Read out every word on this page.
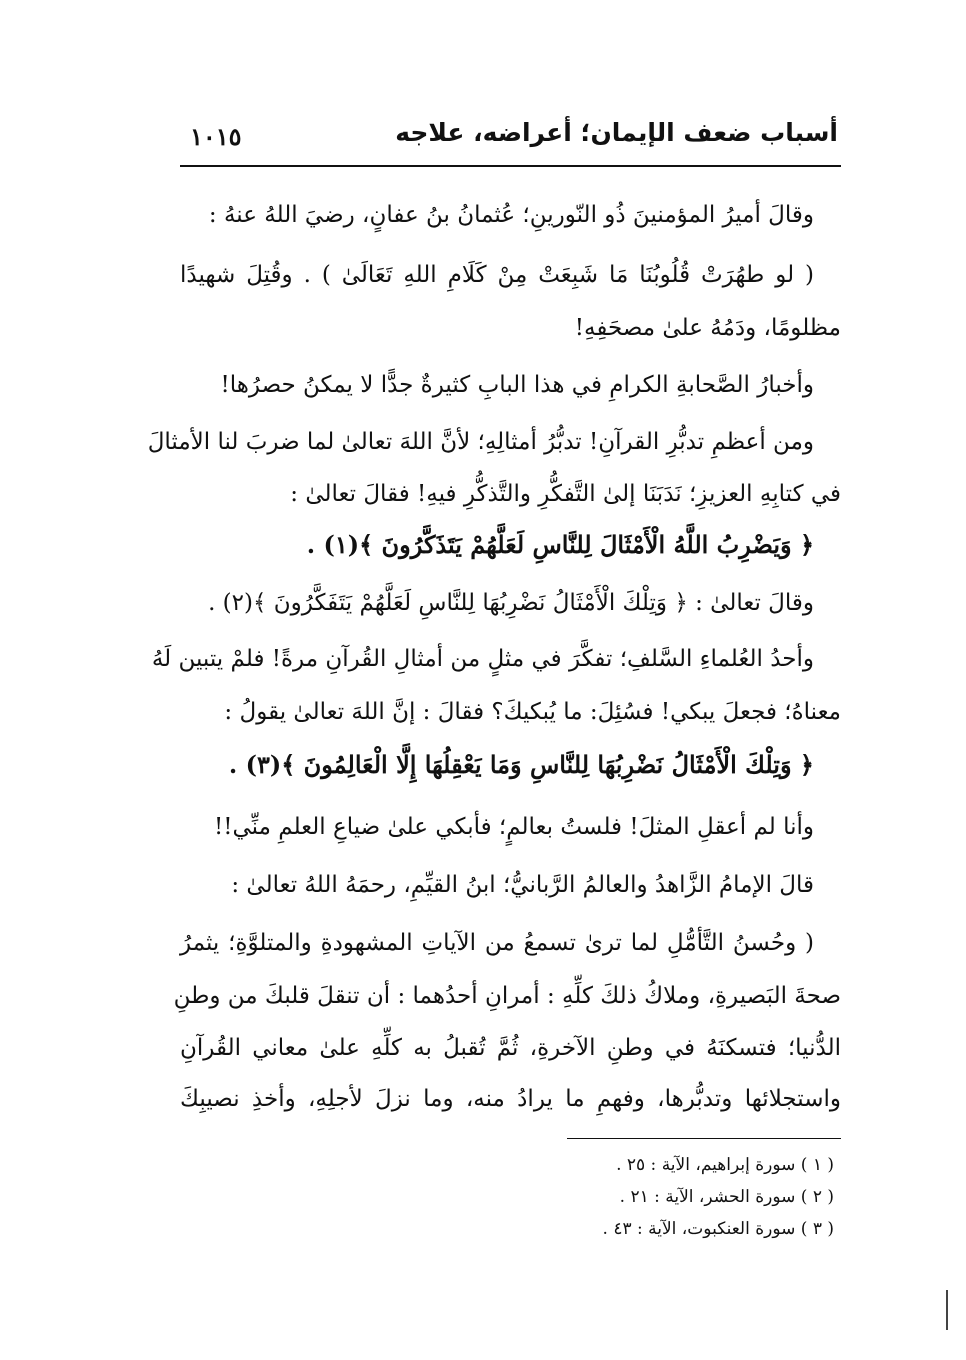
أسباب ضعف الإيمان؛ أعراضه، علاجه
١٠١٥
وقالَ أميرُ المؤمنينَ ذُو النّورينِ؛ عُثمانُ بنُ عفانٍ، رضيَ اللهُ عنهُ :
( لو طهُرَتْ قُلُوبُنَا مَا شَبِعَتْ مِنْ كَلَامِ اللهِ تَعَالَىٰ ) . وقُتِلَ شهيدًا
مظلومًا، ودَمُهُ علىٰ مصحَفِهِ!
وأخبارُ الصَّحابةِ الكرامِ في هذا البابِ كثيرةٌ جدًّا لا يمكنُ حصرُها!
ومن أعظمِ تدبُّرِ القرآنِ! تدبُّرُ أمثالِهِ؛ لأنَّ اللهَ تعالىٰ لما ضربَ لنا الأمثالَ
في كتابِهِ العزيزِ؛ نَدَبَنَا إلىٰ التَّفكُّرِ والتَّذكُّرِ فيهِ! فقالَ تعالىٰ :
﴿ وَيَضْرِبُ اللَّهُ الْأَمْثَالَ لِلنَّاسِ لَعَلَّهُمْ يَتَذَكَّرُونَ ﴾(١) .
وقالَ تعالىٰ : ﴿ وَتِلْكَ الْأَمْثَالُ نَضْرِبُهَا لِلنَّاسِ لَعَلَّهُمْ يَتَفَكَّرُونَ ﴾(٢) .
وأحدُ العُلماءِ السَّلفِ؛ تفكَّرَ في مثلٍ من أمثالِ القُرآنِ مرةً! فلمْ يتبين لَهُ
معناهُ؛ فجعلَ يبكي! فسُئِلَ: ما يُبكيكَ؟ فقالَ : إنَّ اللهَ تعالىٰ يقولُ :
﴿ وَتِلْكَ الْأَمْثَالُ نَضْرِبُهَا لِلنَّاسِ وَمَا يَعْقِلُهَا إِلَّا الْعَالِمُونَ ﴾(٣) .
وأنا لم أعقلِ المثلَ! فلستُ بعالمٍ؛ فأبكي علىٰ ضياعِ العلمِ منِّي!!
قالَ الإمامُ الزَّاهدُ والعالمُ الرَّبانيُّ؛ ابنُ القيِّمِ، رحمَهُ اللهُ تعالىٰ :
( وحُسنُ التَّأمُّلِ لما ترىٰ تسمعُ من الآياتِ المشهودةِ والمتلوَّةِ؛ يثمرُ
صحةَ البَصيرةِ، وملاكُ ذلكَ كلِّهِ : أمرانِ أحدُهما : أن تنقلَ قلبكَ من وطنِ
الدُّنيا؛ فتسكنَهُ في وطنِ الآخرةِ، ثُمَّ تُقبلُ به كلِّهِ علىٰ معاني القُرآنِ
واستجلائها وتدبُّرها، وفهمِ ما يرادُ منه، وما نزلَ لأجلِهِ، وأخذِ نصيبِكَ
( ١ ) سورة إبراهيم، الآية : ٢٥ .
( ٢ ) سورة الحشر، الآية : ٢١ .
( ٣ ) سورة العنكبوت، الآية : ٤٣ .
